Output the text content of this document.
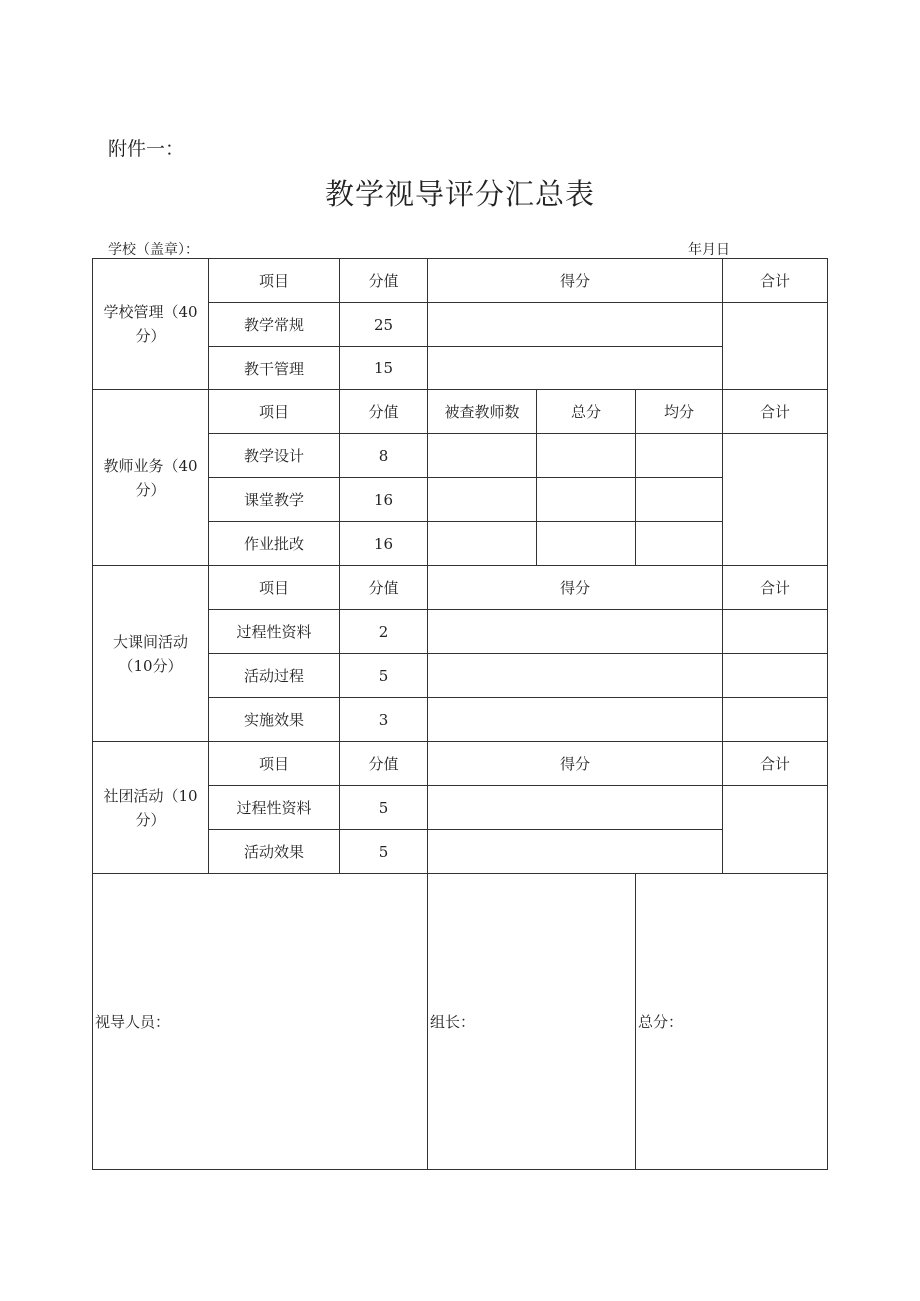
附件一：
教学视导评分汇总表
学校（盖章）：	年月日
学校管理（40分）	项目	分值	得分			合计
	教学常规	25				
	教干管理	15				
教师业务（40分）	项目	分值	被查教师数	总分	均分	合计
	教学设计	8				
	课堂教学	16				
	作业批改	16				
大课间活动（10分）	项目	分值	得分			合计
	过程性资料	2				
	活动过程	5				
	实施效果	3				
社团活动（10分）	项目	分值	得分			合计
	过程性资料	5				
	活动效果	5				

视导人员：			组长：		总分：	
